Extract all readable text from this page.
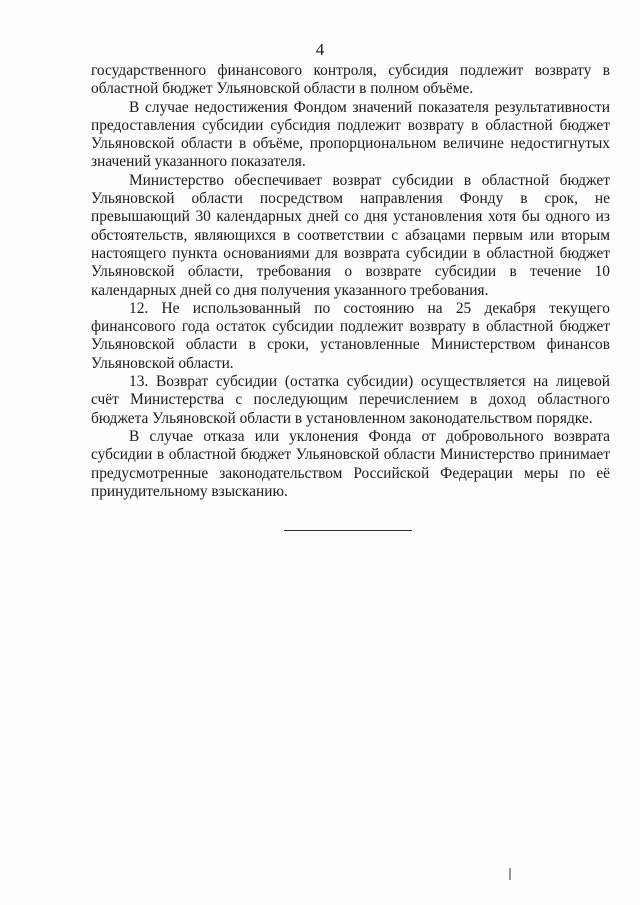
4

государственного финансового контроля, субсидия подлежит возврату в областной бюджет Ульяновской области в полном объёме.

В случае недостижения Фондом значений показателя результативности предоставления субсидии субсидия подлежит возврату в областной бюджет Ульяновской области в объёме, пропорциональном величине недостигнутых значений указанного показателя.

Министерство обеспечивает возврат субсидии в областной бюджет Ульяновской области посредством направления Фонду в срок, не превышающий 30 календарных дней со дня установления хотя бы одного из обстоятельств, являющихся в соответствии с абзацами первым или вторым настоящего пункта основаниями для возврата субсидии в областной бюджет Ульяновской области, требования о возврате субсидии в течение 10 календарных дней со дня получения указанного требования.

12. Не использованный по состоянию на 25 декабря текущего финансового года остаток субсидии подлежит возврату в областной бюджет Ульяновской области в сроки, установленные Министерством финансов Ульяновской области.

13. Возврат субсидии (остатка субсидии) осуществляется на лицевой счёт Министерства с последующим перечислением в доход областного бюджета Ульяновской области в установленном законодательством порядке.

В случае отказа или уклонения Фонда от добровольного возврата субсидии в областной бюджет Ульяновской области Министерство принимает предусмотренные законодательством Российской Федерации меры по её принудительному взысканию.
